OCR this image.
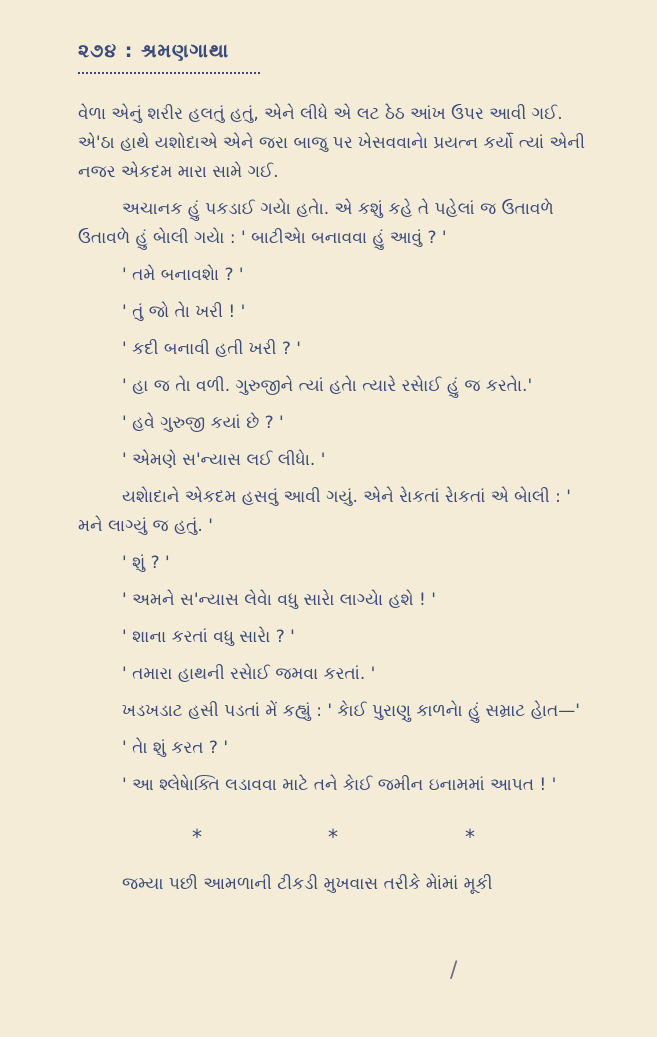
૨૭૪ : શ્રમણગાથા

વેળા એનું શરીર હલતું હતું, એને લીધે એ લટ ઠેઠ આંખ ઉપર આવી ગઈ. એ'ઠા હાથે યશોદાએ એને જરા બાજુ પર ખેસવવાનેા પ્રયત્ન કર્યો ત્યાં એની નજર એકદમ મારા સામે ગઈ.

અચાનક હું પકડાઈ ગયેા હતેા. એ કશું કહે તે પહેલાં જ ઉતાવળે ઉતાવળે હું બેાલી ગયેા : ' બાટીએા બનાવવા હું આવું ? '

' તમે બનાવશેા ? '

' તું જો તેા ખરી ! '

' કદી બનાવી હતી ખરી ? '

' હા જ તેા વળી. ગુરુજીને ત્યાં હતેા ત્યારે રસેાઈ હું જ કરતેા.'

' હવે ગુરુજી કયાં છે ? '

' એમણે સ'ન્યાસ લઈ લીધેા. '

યશેાદાને એકદમ હસવું આવી ગયું. એને રેાકતાં રેાકતાં એ બેાલી : ' મને લાગ્યું જ હતું. '

' શું ? '

' અમને સ'ન્યાસ લેવેા વધુ સારેા લાગ્યેા હશે ! '

' શાના કરતાં વધુ સારેા ? '

' તમારા હાથની રસેાઈ જમવા કરતાં. '

ખડખડાટ હસી પડતાં મેં કહ્યું : ' કેાઈ પુરાણુ કાળનેા હું સમ્રાટ હેાત—'

' તેા શું કરત ? '

' આ શ્લેષેાક્તિ લડાવવા માટે તને કેાઈ જમીન ઇનામમાં આપત ! '

*	*	*
જમ્યા પછી આમળાની ટીકડી મુખવાસ તરીકે મેાંમાં મૂકી
/
